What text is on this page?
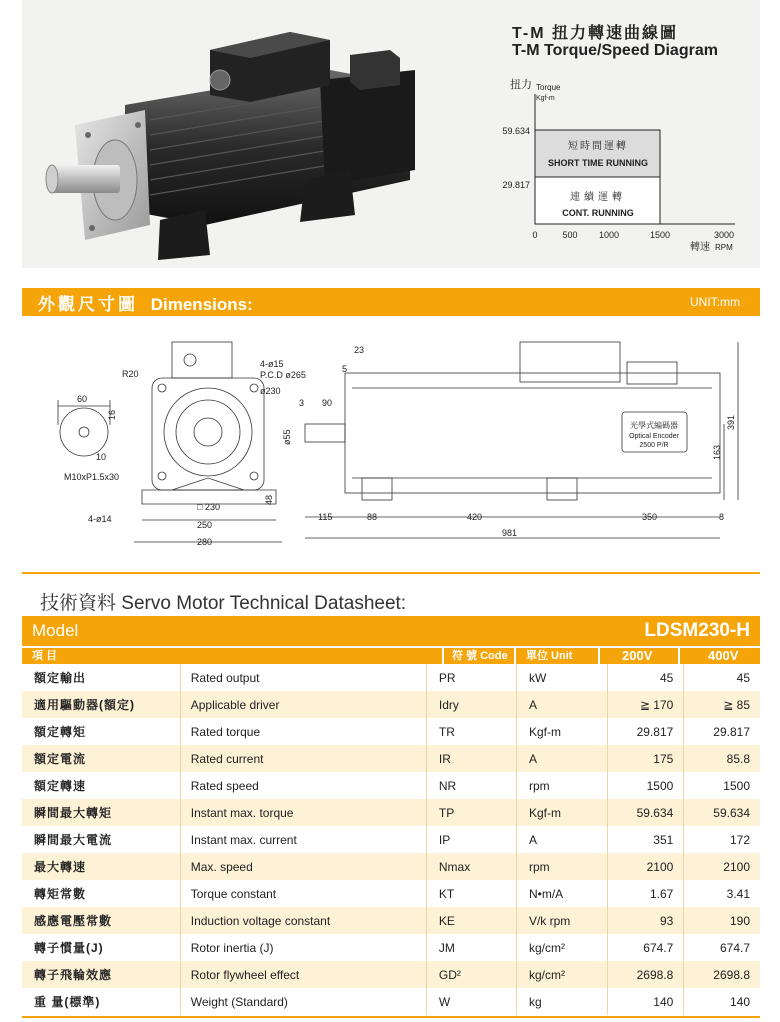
T-M 扭力轉速曲線圖
T-M Torque/Speed Diagram
扭力 Torque
Kgf-m
59.634
29.817
0	500 1000	1500	3000
轉速 RPM
短時間運轉
SHORT TIME RUNNING
連續運轉
CONT. RUNNING
外觀尺寸圖 Dimensions:	UNIT:mm
R20
60
16
10
M10xP1.5x30
4-ø15
P.C.D ø265
ø230
ø55
□ 230
250
280
48
4-ø14
23
5
3 90
115	88	420	350	8
981
391
163
光學式編碼器
Optical Encoder
2500 P/R
技術資料 Servo Motor Technical Datasheet:
Model	LDSM230-H
項 目	符 號 Code 單位 Unit	200V	400V
額定輸出	Rated output	PR	kW	45	45
適用驅動器(額定)	Applicable driver	Idry	A	≧ 170	≧ 85
額定轉矩	Rated torque	TR	Kgf-m	29.817	29.817
額定電流	Rated current	IR	A	175	85.8
額定轉速	Rated speed	NR	rpm	1500	1500
瞬間最大轉矩	Instant max. torque	TP	Kgf-m	59.634	59.634
瞬間最大電流	Instant max. current	IP	A	351	172
最大轉速	Max. speed	Nmax	rpm	2100	2100
轉矩常數	Torque constant	KT	N•m/A	1.67	3.41
感應電壓常數	Induction voltage constant	KE	V/k rpm	93	190
轉子慣量(J)	Rotor inertia (J)	JM	kg/cm²	674.7	674.7
轉子飛輪效應	Rotor flywheel effect	GD²	kg/cm²	2698.8	2698.8
重 量(標準)	Weight (Standard)	W	kg	140	140
